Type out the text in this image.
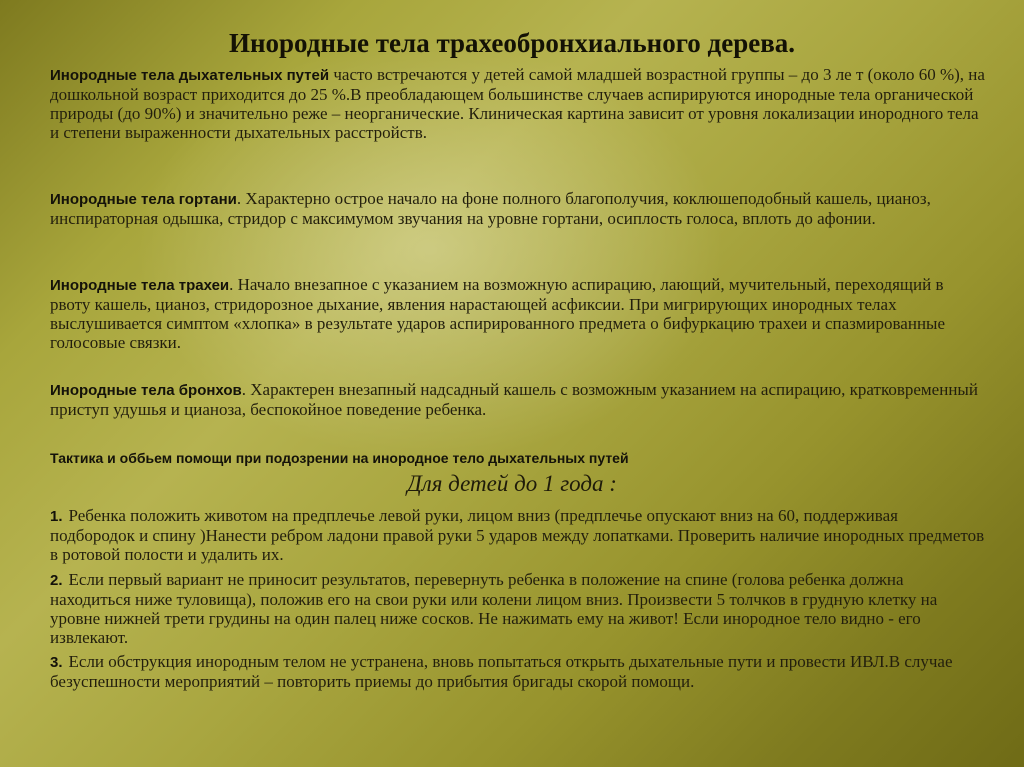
Инородные тела трахеобронхиального дерева.

Инородные тела дыхательных путей часто встречаются у детей самой младшей возрастной группы – до 3 ле т (около 60 %), на дошкольной возраст приходится до 25 %.В преобладающем большинстве случаев аспирируются инородные тела органической природы (до 90%) и значительно реже – неорганические. Клиническая картина зависит от уровня локализации инородного тела и степени выраженности дыхательных расстройств.

Инородные тела гортани. Характерно острое начало на фоне полного благополучия, коклюшеподобный кашель, цианоз, инспираторная одышка, стридор с максимумом звучания на уровне гортани, осиплость голоса, вплоть до афонии.

Инородные тела трахеи. Начало внезапное с указанием на возможную аспирацию, лающий, мучительный, переходящий в рвоту кашель, цианоз, стридорозное дыхание, явления нарастающей асфиксии. При мигрирующих инородных телах выслушивается симптом «хлопка» в результате ударов аспирированного предмета о бифуркацию трахеи и спазмированные голосовые связки.

Инородные тела бронхов. Характерен внезапный надсадный кашель с возможным указанием на аспирацию, кратковременный приступ удушья и цианоза, беспокойное поведение ребенка.

Тактика и оббьем помощи при подозрении на инородное тело дыхательных путей

Для детей до 1 года :

1. Ребенка положить животом на предплечье левой руки, лицом вниз (предплечье опускают вниз на 60, поддерживая подбородок и спину )Нанести ребром ладони правой руки 5 ударов между лопатками. Проверить наличие инородных предметов в ротовой полости и удалить их.

2. Если первый вариант не приносит результатов, перевернуть ребенка в положение на спине (голова ребенка должна находиться ниже туловища), положив его на свои руки или колени лицом вниз. Произвести 5 толчков в грудную клетку на уровне нижней трети грудины на один палец ниже сосков. Не нажимать ему на живот! Если инородное тело видно - его извлекают.

3. Если обструкция инородным телом не устранена, вновь попытаться открыть дыхательные пути и провести ИВЛ.В случае безуспешности мероприятий – повторить приемы до прибытия бригады скорой помощи.
